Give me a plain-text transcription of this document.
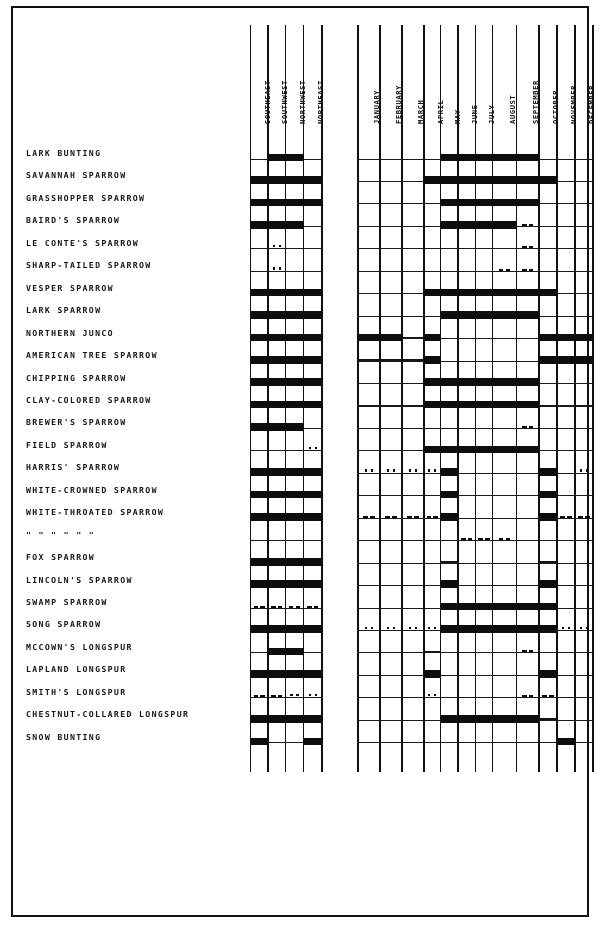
SOUTHEAST SOUTHWEST NORTHWEST NORTHEAST	JANUARY FEBRUARY MARCH APRIL MAY JUNE JULY AUGUST SEPTEMBER OCTOBER NOVEMBER DECEMBER
LARK BUNTING
SAVANNAH SPARROW
GRASSHOPPER SPARROW
BAIRD'S SPARROW
LE CONTE'S SPARROW
SHARP-TAILED SPARROW
VESPER SPARROW
LARK SPARROW
NORTHERN JUNCO
AMERICAN TREE SPARROW
CHIPPING SPARROW
CLAY-COLORED SPARROW
BREWER'S SPARROW
FIELD SPARROW
HARRIS' SPARROW
WHITE-CROWNED SPARROW
WHITE-THROATED SPARROW
" " " " " "
FOX SPARROW
LINCOLN'S SPARROW
SWAMP SPARROW
SONG SPARROW
MCCOWN'S LONGSPUR
LAPLAND LONGSPUR
SMITH'S LONGSPUR
CHESTNUT-COLLARED LONGSPUR
SNOW BUNTING
